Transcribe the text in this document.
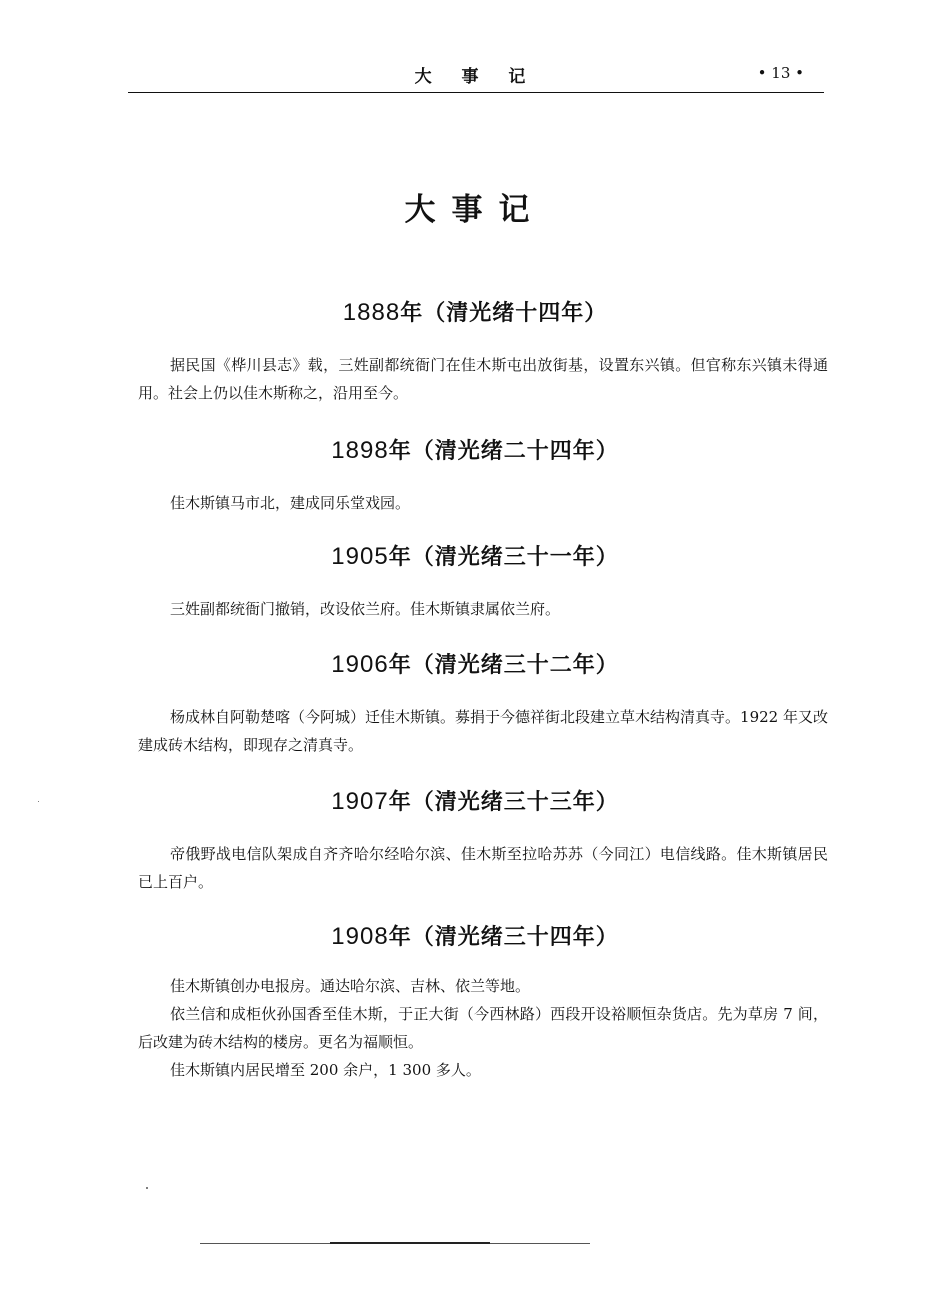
大 事 记	• 13 •
大事记
1888年（清光绪十四年）

据民国《桦川县志》载，三姓副都统衙门在佳木斯屯出放街基，设置东兴镇。但官称东兴镇未得通用。社会上仍以佳木斯称之，沿用至今。

1898年（清光绪二十四年）

佳木斯镇马市北，建成同乐堂戏园。

1905年（清光绪三十一年）

三姓副都统衙门撤销，改设依兰府。佳木斯镇隶属依兰府。

1906年（清光绪三十二年）

杨成林自阿勒楚喀（今阿城）迁佳木斯镇。募捐于今德祥街北段建立草木结构清真寺。1922 年又改建成砖木结构，即现存之清真寺。

1907年（清光绪三十三年）

帝俄野战电信队架成自齐齐哈尔经哈尔滨、佳木斯至拉哈苏苏（今同江）电信线路。佳木斯镇居民已上百户。

1908年（清光绪三十四年）

佳木斯镇创办电报房。通达哈尔滨、吉林、依兰等地。

依兰信和成柜伙孙国香至佳木斯，于正大街（今西林路）西段开设裕顺恒杂货店。先为草房 7 间，后改建为砖木结构的楼房。更名为福顺恒。

佳木斯镇内居民增至 200 余户，1 300 多人。
